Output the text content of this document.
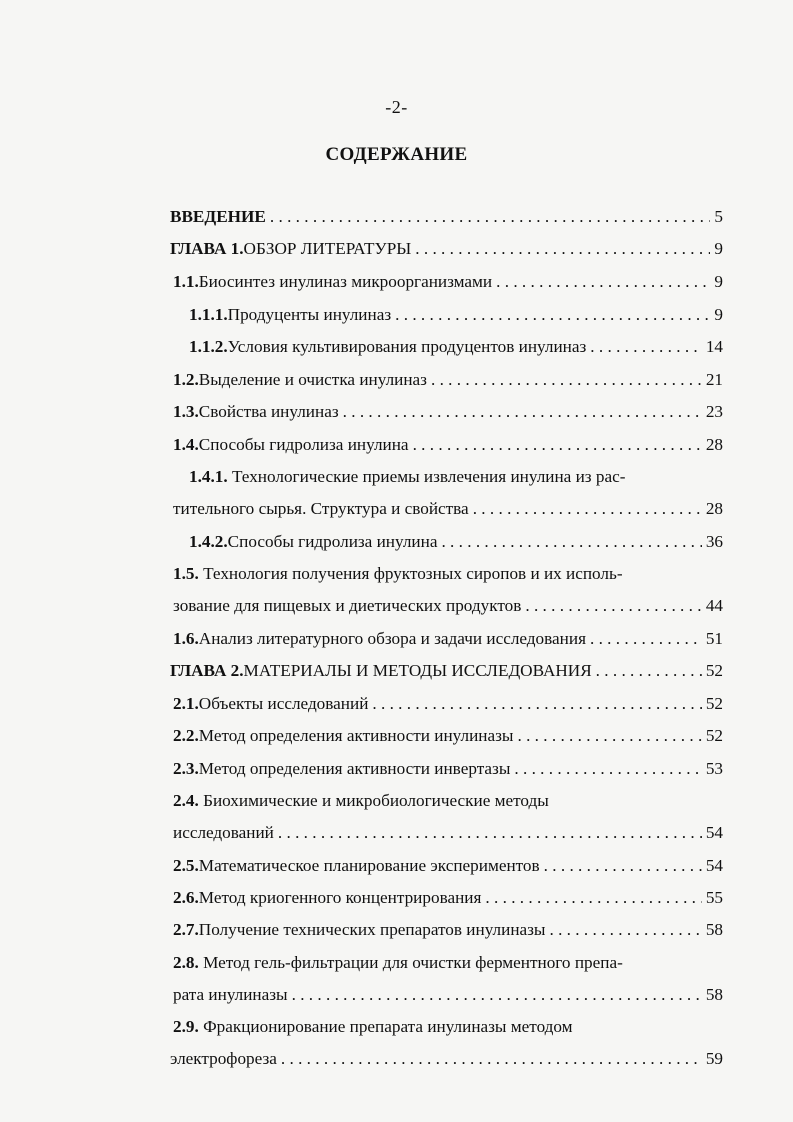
-2-
СОДЕРЖАНИЕ
ВВЕДЕНИЕ . . .	5
ГЛАВА 1. ОБЗОР ЛИТЕРАТУРЫ . . .	9
1.1. Биосинтез инулиназ микроорганизмами . . .	9
1.1.1. Продуценты инулиназ . . .	9
1.1.2. Условия культивирования продуцентов инулиназ . . .	14
1.2. Выделение и очистка инулиназ . . .	21
1.3. Свойства инулиназ . . .	23
1.4. Способы гидролиза инулина . . .	28
1.4.1. Технологические приемы извлечения инулина из рас-
тительного сырья. Структура и свойства . . .	28
1.4.2. Способы гидролиза инулина . . .	36
1.5. Технология получения фруктозных сиропов и их исполь-
зование для пищевых и диетических продуктов . . .	44
1.6. Анализ литературного обзора и задачи исследования . . .	51
ГЛАВА 2. МАТЕРИАЛЫ И МЕТОДЫ ИССЛЕДОВАНИЯ . . .	52
2.1. Объекты исследований . . .	52
2.2. Метод определения активности инулиназы . . .	52
2.3. Метод определения активности инвертазы . . .	53
2.4. Биохимические и микробиологические методы
исследований . . .	54
2.5. Математическое планирование экспериментов . . .	54
2.6. Метод криогенного концентрирования . . .	55
2.7. Получение технических препаратов инулиназы . . .	58
2.8. Метод гель-фильтрации для очистки ферментного препа-
рата инулиназы . . .	58
2.9. Фракционирование препарата инулиназы методом
электрофореза . . .	59
